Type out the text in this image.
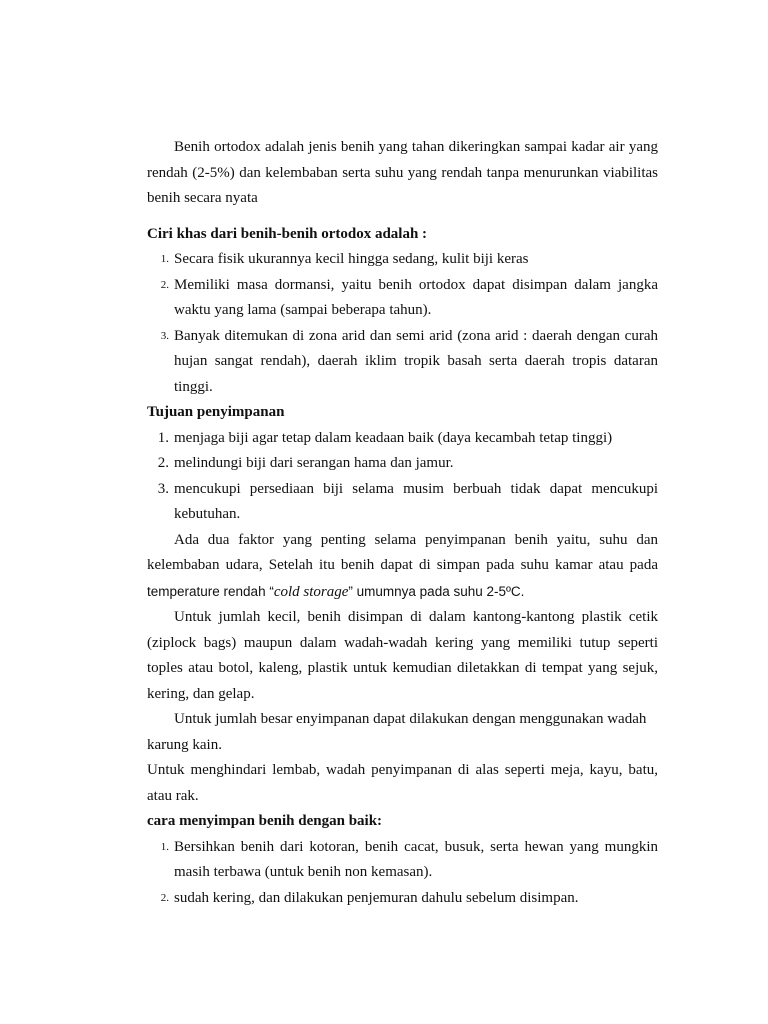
Benih ortodox adalah jenis benih yang tahan dikeringkan sampai kadar air yang rendah (2-5%) dan kelembaban serta suhu yang rendah tanpa menurunkan viabilitas benih secara nyata

Ciri khas dari benih-benih ortodox adalah :

1. Secara fisik ukurannya kecil hingga sedang, kulit biji keras
2. Memiliki masa dormansi, yaitu benih ortodox dapat disimpan dalam jangka waktu yang lama (sampai beberapa tahun).
3. Banyak ditemukan di zona arid dan semi arid (zona arid : daerah dengan curah hujan sangat rendah), daerah iklim tropik basah serta daerah tropis dataran tinggi.

Tujuan penyimpanan

1. menjaga biji agar tetap dalam keadaan baik (daya kecambah tetap tinggi)
2. melindungi biji dari serangan hama dan jamur.
3. mencukupi persediaan biji selama musim berbuah tidak dapat mencukupi kebutuhan.

Ada dua faktor yang penting selama penyimpanan benih yaitu, suhu dan kelembaban udara, Setelah itu benih dapat di simpan pada suhu kamar atau pada temperature rendah “cold storage” umumnya pada suhu 2-5ºC.

Untuk jumlah kecil, benih disimpan di dalam kantong-kantong plastik cetik (ziplock bags) maupun dalam wadah-wadah kering yang memiliki tutup seperti toples atau botol, kaleng, plastik untuk kemudian diletakkan di tempat yang sejuk, kering, dan gelap.

Untuk jumlah besar enyimpanan dapat dilakukan dengan menggunakan wadah karung kain.

Untuk menghindari lembab, wadah penyimpanan di alas seperti meja, kayu, batu, atau rak.

cara menyimpan benih dengan baik:

1. Bersihkan benih dari kotoran, benih cacat, busuk, serta hewan yang mungkin masih terbawa (untuk benih non kemasan).
2. sudah kering, dan dilakukan penjemuran dahulu sebelum disimpan.
